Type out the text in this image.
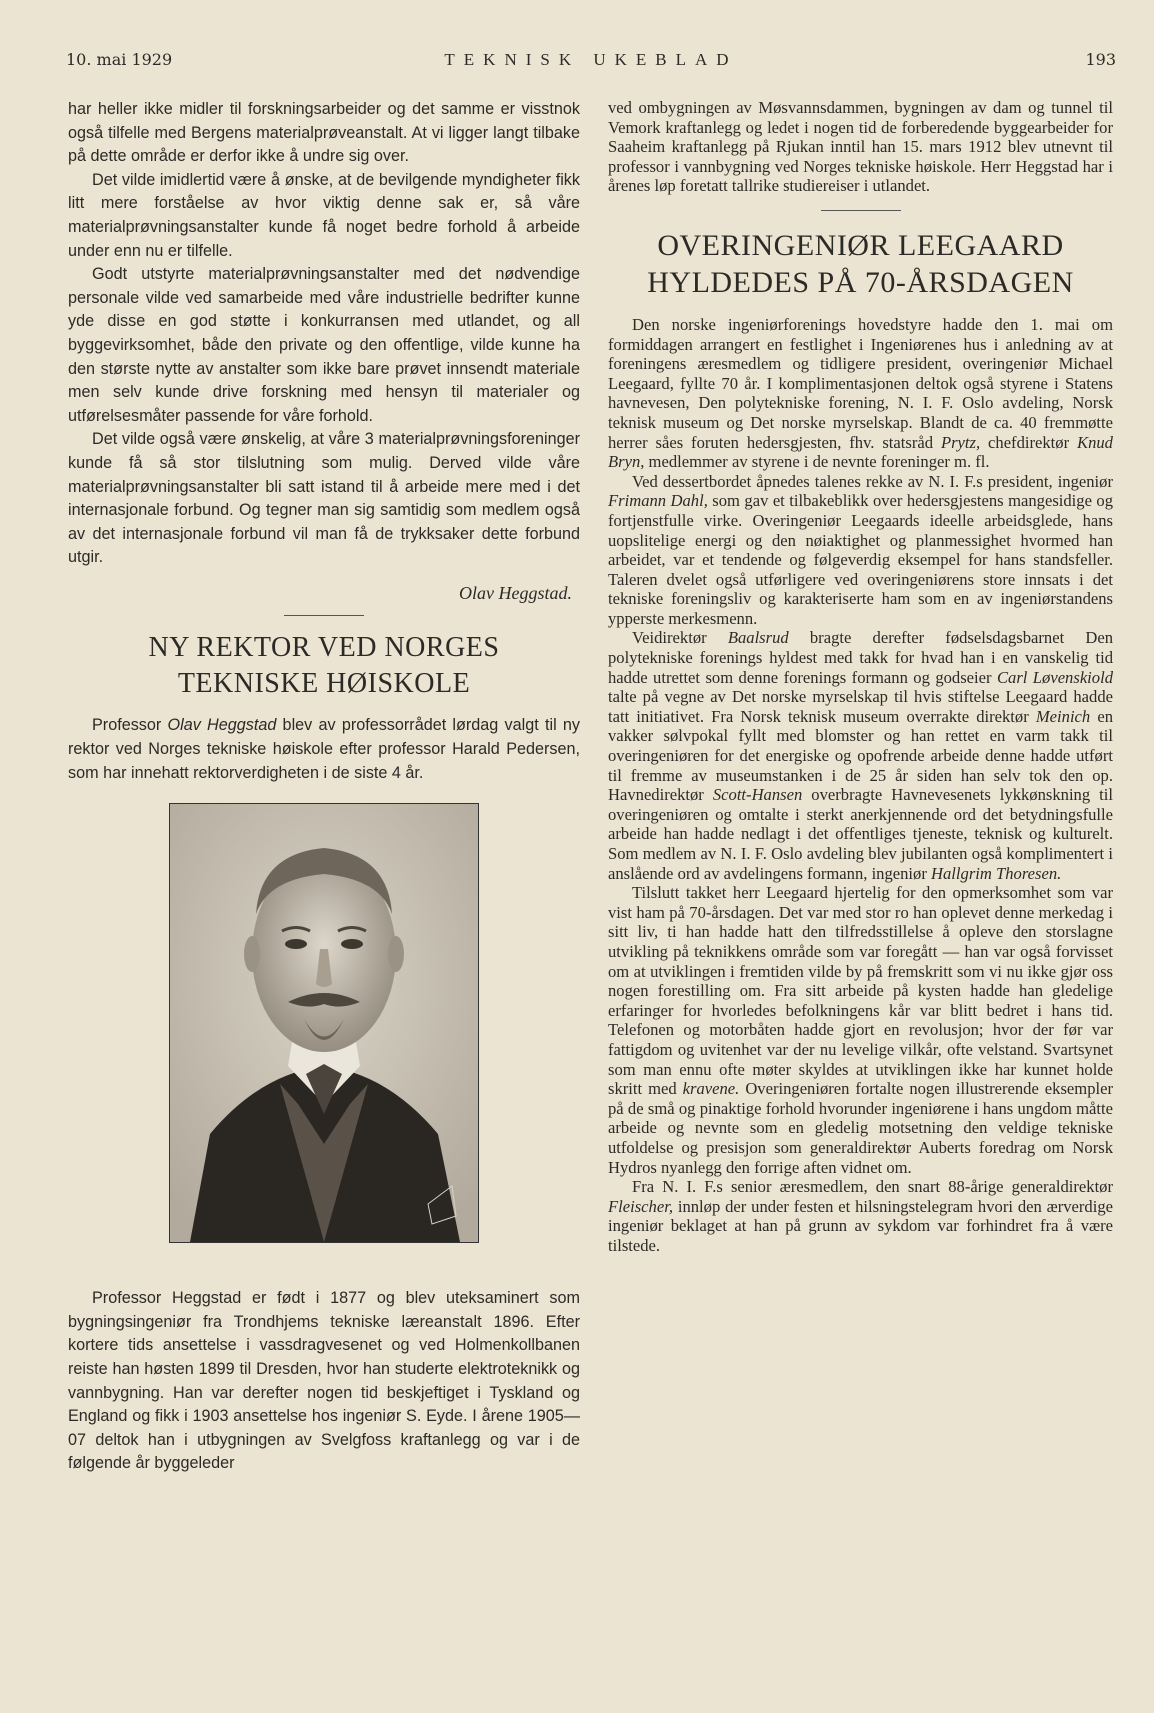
10. mai 1929	TEKNISK UKEBLAD	193

har heller ikke midler til forskningsarbeider og det samme er visstnok også tilfelle med Bergens materialprøveanstalt. At vi ligger langt tilbake på dette område er derfor ikke å undre sig over.

Det vilde imidlertid være å ønske, at de bevilgende myndigheter fikk litt mere forståelse av hvor viktig denne sak er, så våre materialprøvningsanstalter kunde få noget bedre forhold å arbeide under enn nu er tilfelle.

Godt utstyrte materialprøvningsanstalter med det nødvendige personale vilde ved samarbeide med våre industrielle bedrifter kunne yde disse en god støtte i konkurransen med utlandet, og all byggevirksomhet, både den private og den offentlige, vilde kunne ha den største nytte av anstalter som ikke bare prøvet innsendt materiale men selv kunde drive forskning med hensyn til materialer og utførelsesmåter passende for våre forhold.

Det vilde også være ønskelig, at våre 3 materialprøvningsforeninger kunde få så stor tilslutning som mulig. Derved vilde våre materialprøvningsanstalter bli satt istand til å arbeide mere med i det internasjonale forbund. Og tegner man sig samtidig som medlem også av det internasjonale forbund vil man få de trykksaker dette forbund utgir.

Olav Heggstad.
NY REKTOR VED NORGES
TEKNISKE HØISKOLE

Professor Olav Heggstad blev av professorrådet lørdag valgt til ny rektor ved Norges tekniske høiskole efter professor Harald Pedersen, som har innehatt rektorverdigheten i de siste 4 år.

Professor Heggstad er født i 1877 og blev uteksaminert som bygningsingeniør fra Trondhjems tekniske læreanstalt 1896. Efter kortere tids ansettelse i vassdragvesenet og ved Holmenkollbanen reiste han høsten 1899 til Dresden, hvor han studerte elektroteknikk og vannbygning. Han var derefter nogen tid beskjeftiget i Tyskland og England og fikk i 1903 ansettelse hos ingeniør S. Eyde. I årene 1905—07 deltok han i utbygningen av Svelgfoss kraftanlegg og var i de følgende år byggeleder

ved ombygningen av Møsvannsdammen, bygningen av dam og tunnel til Vemork kraftanlegg og ledet i nogen tid de forberedende byggearbeider for Saaheim kraftanlegg på Rjukan inntil han 15. mars 1912 blev utnevnt til professor i vannbygning ved Norges tekniske høiskole. Herr Heggstad har i årenes løp foretatt tallrike studiereiser i utlandet.

OVERINGENIØR LEEGAARD
HYLDEDES PÅ 70-ÅRSDAGEN

Den norske ingeniørforenings hovedstyre hadde den 1. mai om formiddagen arrangert en festlighet i Ingeniørenes hus i anledning av at foreningens æresmedlem og tidligere president, overingeniør Michael Leegaard, fyllte 70 år. I komplimentasjonen deltok også styrene i Statens havnevesen, Den polytekniske forening, N. I. F. Oslo avdeling, Norsk teknisk museum og Det norske myrselskap. Blandt de ca. 40 fremmøtte herrer såes foruten hedersgjesten, fhv. statsråd Prytz, chefdirektør Knud Bryn, medlemmer av styrene i de nevnte foreninger m. fl.

Ved dessertbordet åpnedes talenes rekke av N. I. F.s president, ingeniør Frimann Dahl, som gav et tilbakeblikk over hedersgjestens mangesidige og fortjenstfulle virke. Overingeniør Leegaards ideelle arbeidsglede, hans uopslitelige energi og den nøiaktighet og planmessighet hvormed han arbeidet, var et tendende og følgeverdig eksempel for hans standsfeller. Taleren dvelet også utførligere ved overingeniørens store innsats i det tekniske foreningsliv og karakteriserte ham som en av ingeniørstandens ypperste merkesmenn.

Veidirektør Baalsrud bragte derefter fødselsdagsbarnet Den polytekniske forenings hyldest med takk for hvad han i en vanskelig tid hadde utrettet som denne forenings formann og godseier Carl Løvenskiold talte på vegne av Det norske myrselskap til hvis stiftelse Leegaard hadde tatt initiativet. Fra Norsk teknisk museum overrakte direktør Meinich en vakker sølvpokal fyllt med blomster og han rettet en varm takk til overingeniøren for det energiske og opofrende arbeide denne hadde utført til fremme av museumstanken i de 25 år siden han selv tok den op. Havnedirektør Scott-Hansen overbragte Havnevesenets lykkønskning til overingeniøren og omtalte i sterkt anerkjennende ord det betydningsfulle arbeide han hadde nedlagt i det offentliges tjeneste, teknisk og kulturelt. Som medlem av N. I. F. Oslo avdeling blev jubilanten også komplimentert i anslående ord av avdelingens formann, ingeniør Hallgrim Thoresen.

Tilslutt takket herr Leegaard hjertelig for den opmerksomhet som var vist ham på 70-årsdagen. Det var med stor ro han oplevet denne merkedag i sitt liv, ti han hadde hatt den tilfredsstillelse å opleve den storslagne utvikling på teknikkens område som var foregått — han var også forvisset om at utviklingen i fremtiden vilde by på fremskritt som vi nu ikke gjør oss nogen forestilling om. Fra sitt arbeide på kysten hadde han gledelige erfaringer for hvorledes befolkningens kår var blitt bedret i hans tid. Telefonen og motorbåten hadde gjort en revolusjon; hvor der før var fattigdom og uvitenhet var der nu levelige vilkår, ofte velstand. Svartsynet som man ennu ofte møter skyldes at utviklingen ikke har kunnet holde skritt med kravene. Overingeniøren fortalte nogen illustrerende eksempler på de små og pinaktige forhold hvorunder ingeniørene i hans ungdom måtte arbeide og nevnte som en gledelig motsetning den veldige tekniske utfoldelse og presisjon som generaldirektør Auberts foredrag om Norsk Hydros nyanlegg den forrige aften vidnet om.

Fra N. I. F.s senior æresmedlem, den snart 88-årige generaldirektør Fleischer, innløp der under festen et hilsningstelegram hvori den ærverdige ingeniør beklaget at han på grunn av sykdom var forhindret fra å være tilstede.
